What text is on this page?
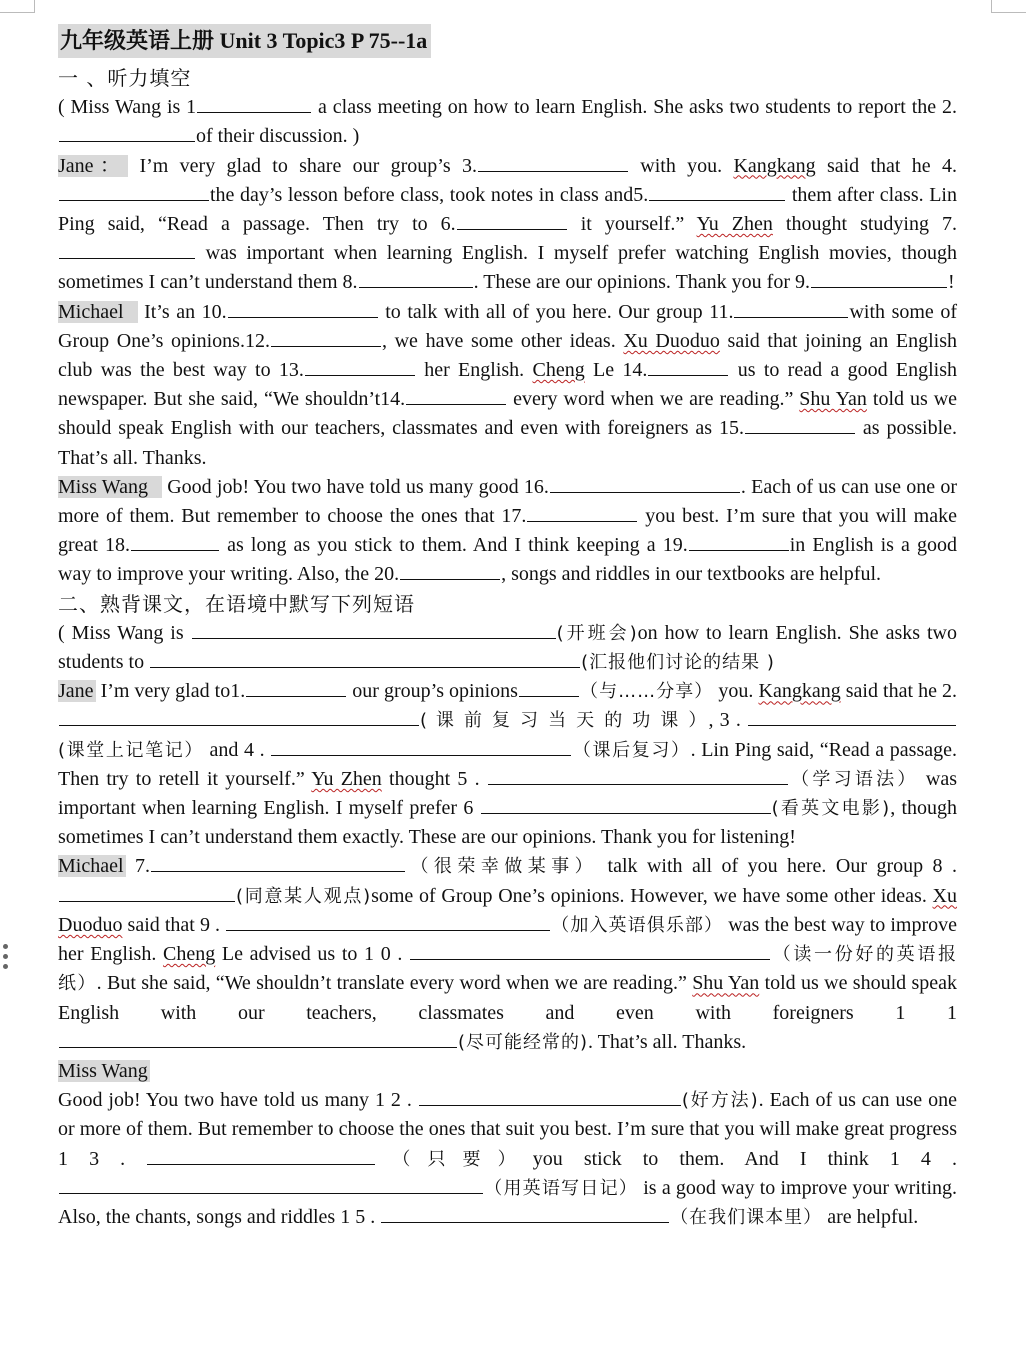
九年级英语上册 Unit 3 Topic3 P 75--1a

一 、听力填空

( Miss Wang is 1	a class meeting on how to learn English. She asks two students to report the 2.of their discussion. )

Jane： I’m very glad to share our group’s 3.	with you. Kangkang said that he 4.the day’s lesson before class, took notes in class and5.	them after class. Lin Ping said, “Read a passage. Then try to 6.	it yourself.” Yu Zhen thought studying 7. was important when learning English. I myself prefer watching English movies, though sometimes I can’t understand them 8.	. These are our opinions. Thank you for 9.	!

Michael It’s an 10.	to talk with all of you here. Our group 11.	with some of Group One’s opinions.12.	, we have some other ideas. Xu Duoduo said that joining an English club was the best way to 13.	her English. Cheng Le 14.	us to read a good English newspaper. But she said, “We shouldn’t14.	every word when we are reading.” Shu Yan told us we should speak English with our teachers, classmates and even with foreigners as 15.	as possible. That’s all. Thanks.

Miss Wang Good job! You two have told us many good 16.	. Each of us can use one or more of them. But remember to choose the ones that 17.	you best. I’m sure that you will make great 18.	as long as you stick to them. And I think keeping a 19.	in English is a good way to improve your writing. Also, the 20.	, songs and riddles in our textbooks are helpful.

二、熟背课文，在语境中默写下列短语

( Miss Wang is	(开班会)on how to learn English. She asks two students to	(汇报他们讨论的结果 )

Jane I’m very glad to1.	our group’s opinions	（与……分享） you. Kangkang said that he 2.( 课 前 复 习 当 天 的 功 课 ）, 3 . (课堂上记笔记） and 4 .	（课后复习）. Lin Ping said, “Read a passage. Then try to retell it yourself.” Yu Zhen thought 5 .	（学习语法） was important when learning English. I myself prefer 6	(看英文电影), though sometimes I can’t understand them exactly. These are our opinions. Thank you for listening!

Michael 7.	（很荣幸做某事） talk with all of you here. Our group 8 . (同意某人观点)some of Group One’s opinions. However, we have some other ideas. Xu Duoduo said that 9 .	（加入英语俱乐部） was the best way to improve her English. Cheng Le advised us to 1 0 .	（读一份好的英语报纸）. But she said, “We shouldn’t translate every word when we are reading.” Shu Yan told us we should speak English with our teachers, classmates and even with foreigners 1 1 (尽可能经常的). That’s all. Thanks.

Miss Wang

Good job! You two have told us many 1 2 .	(好方法). Each of us can use one or more of them. But remember to choose the ones that suit you best. I’m sure that you will make great progress 1 3 .	（只要）you stick to them. And I think 1 4 . （用英语写日记） is a good way to improve your writing. Also, the chants, songs and riddles 1 5 .	（在我们课本里） are helpful.
